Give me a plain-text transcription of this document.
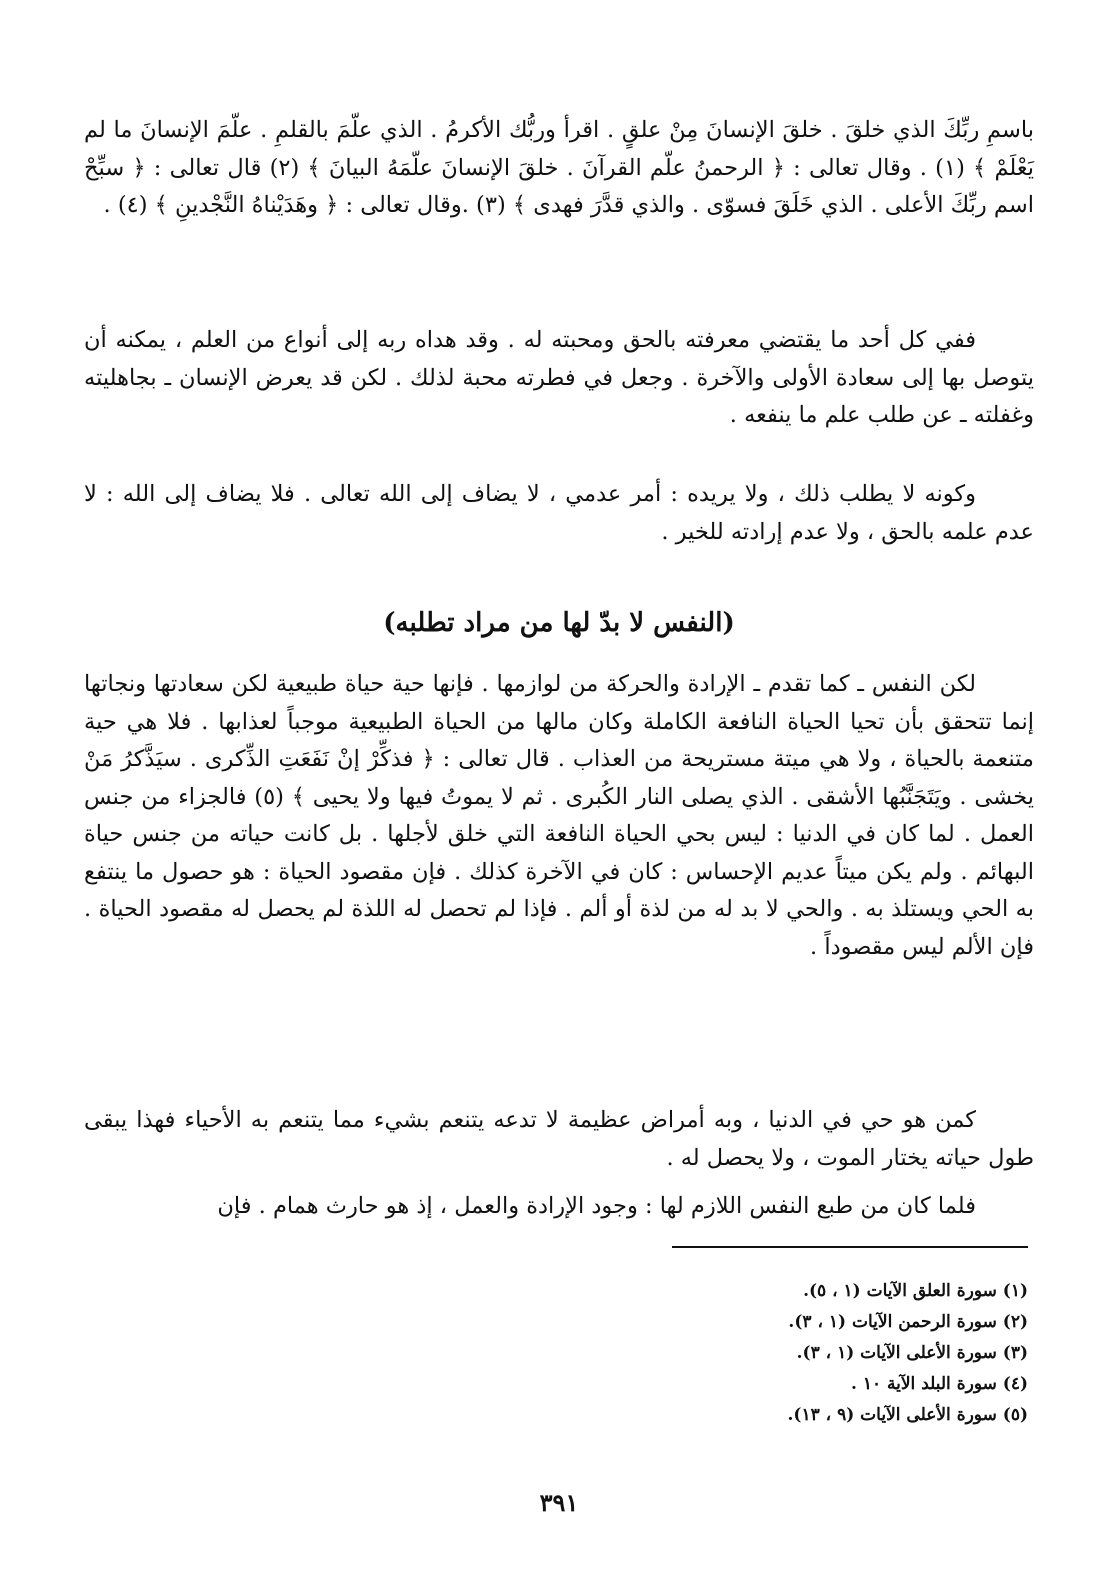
باسمِ ربِّكَ الذي خلقَ . خلقَ الإنسانَ مِنْ علقٍ . اقرأ وربُّك الأكرمُ . الذي علّمَ بالقلمِ . علّمَ الإنسانَ ما لم يَعْلَمْ ﴾ (١) . وقال تعالى : ﴿ الرحمنُ علّم القرآنَ . خلقَ الإنسانَ علّمَهُ البيانَ ﴾ (٢) قال تعالى : ﴿ سبِّحْ اسم ربِّكَ الأعلى . الذي خَلَقَ فسوّى . والذي قدَّرَ فهدى ﴾ (٣) .وقال تعالى : ﴿ وهَدَيْناهُ النَّجْدينِ ﴾ (٤) .

ففي كل أحد ما يقتضي معرفته بالحق ومحبته له . وقد هداه ربه إلى أنواع من العلم ، يمكنه أن يتوصل بها إلى سعادة الأولى والآخرة . وجعل في فطرته محبة لذلك . لكن قد يعرض الإنسان ـ بجاهليته وغفلته ـ عن طلب علم ما ينفعه .

وكونه لا يطلب ذلك ، ولا يريده : أمر عدمي ، لا يضاف إلى الله تعالى . فلا يضاف إلى الله : لا عدم علمه بالحق ، ولا عدم إرادته للخير .

(النفس لا بدّ لها من مراد تطلبه)

لكن النفس ـ كما تقدم ـ الإرادة والحركة من لوازمها . فإنها حية حياة طبيعية لكن سعادتها ونجاتها إنما تتحقق بأن تحيا الحياة النافعة الكاملة وكان مالها من الحياة الطبيعية موجباً لعذابها . فلا هي حية متنعمة بالحياة ، ولا هي ميتة مستريحة من العذاب . قال تعالى : ﴿ فذكِّرْ إنْ نَفَعَتِ الذِّكرى . سيَذَّكرُ مَنْ يخشى . ويَتَجَنَّبُها الأشقى . الذي يصلى النار الكُبرى . ثم لا يموتُ فيها ولا يحيى ﴾ (٥) فالجزاء من جنس العمل . لما كان في الدنيا : ليس بحي الحياة النافعة التي خلق لأجلها . بل كانت حياته من جنس حياة البهائم . ولم يكن ميتاً عديم الإحساس : كان في الآخرة كذلك . فإن مقصود الحياة : هو حصول ما ينتفع به الحي ويستلذ به . والحي لا بد له من لذة أو ألم . فإذا لم تحصل له اللذة لم يحصل له مقصود الحياة . فإن الألم ليس مقصوداً .

كمن هو حي في الدنيا ، وبه أمراض عظيمة لا تدعه يتنعم بشيء مما يتنعم به الأحياء فهذا يبقى طول حياته يختار الموت ، ولا يحصل له .

فلما كان من طبع النفس اللازم لها : وجود الإرادة والعمل ، إذ هو حارث همام . فإن

(١) سورة العلق الآيات (١ ، ٥).
(٢) سورة الرحمن الآيات (١ ، ٣).
(٣) سورة الأعلى الآيات (١ ، ٣).
(٤) سورة البلد الآية ١٠ .
(٥) سورة الأعلى الآيات (٩ ، ١٣).
٣٩١
